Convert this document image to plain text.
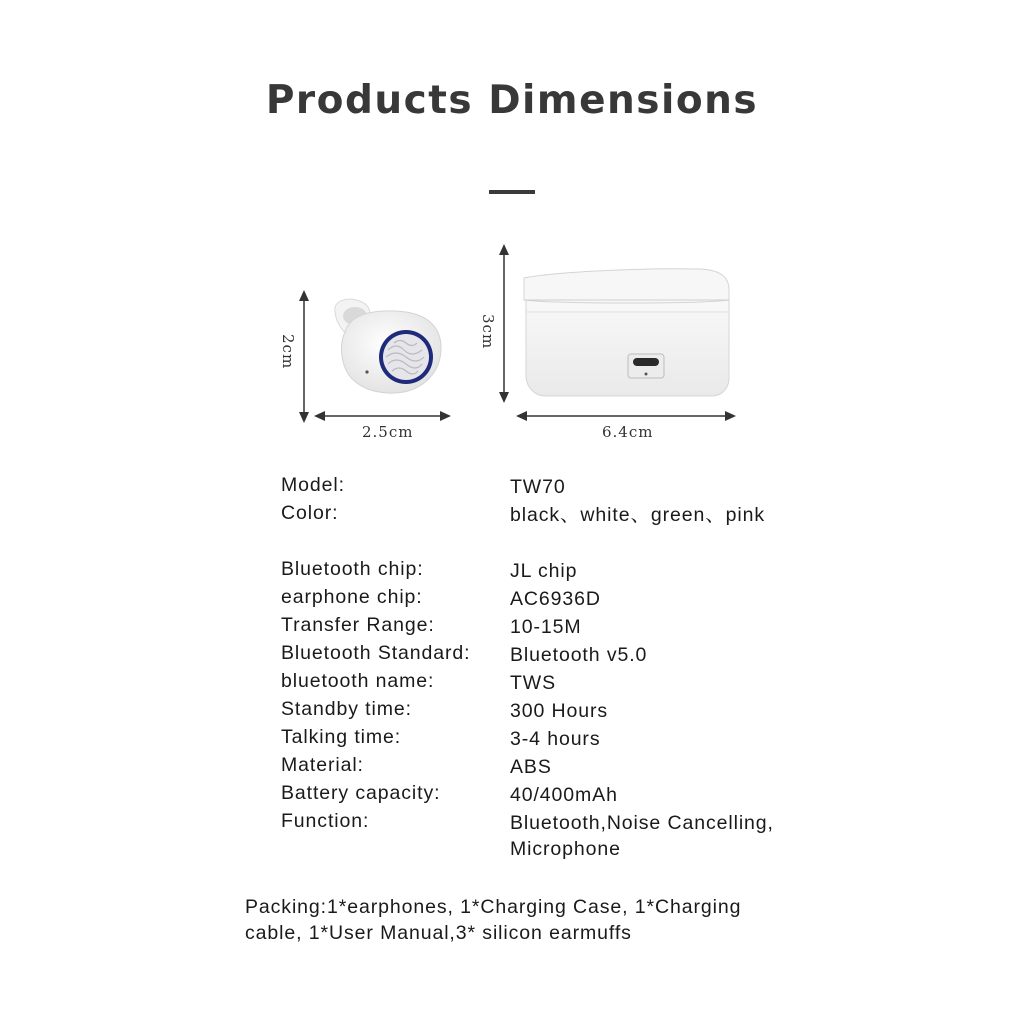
Products Dimensions
2cm
2.5cm
3cm
6.4cm
Model:	TW70
Color:	black、white、green、pink
Bluetooth chip:	JL chip
earphone chip:	AC6936D
Transfer Range:	10-15M
Bluetooth Standard: Bluetooth v5.0
bluetooth name:	TWS
Standby time:	300 Hours
Talking time:	3-4 hours
Material:	ABS
Battery capacity:	40/400mAh
Function:	Bluetooth,Noise Cancelling, Microphone
Packing:1*earphones, 1*Charging Case, 1*Charging cable, 1*User Manual,3* silicon earmuffs
